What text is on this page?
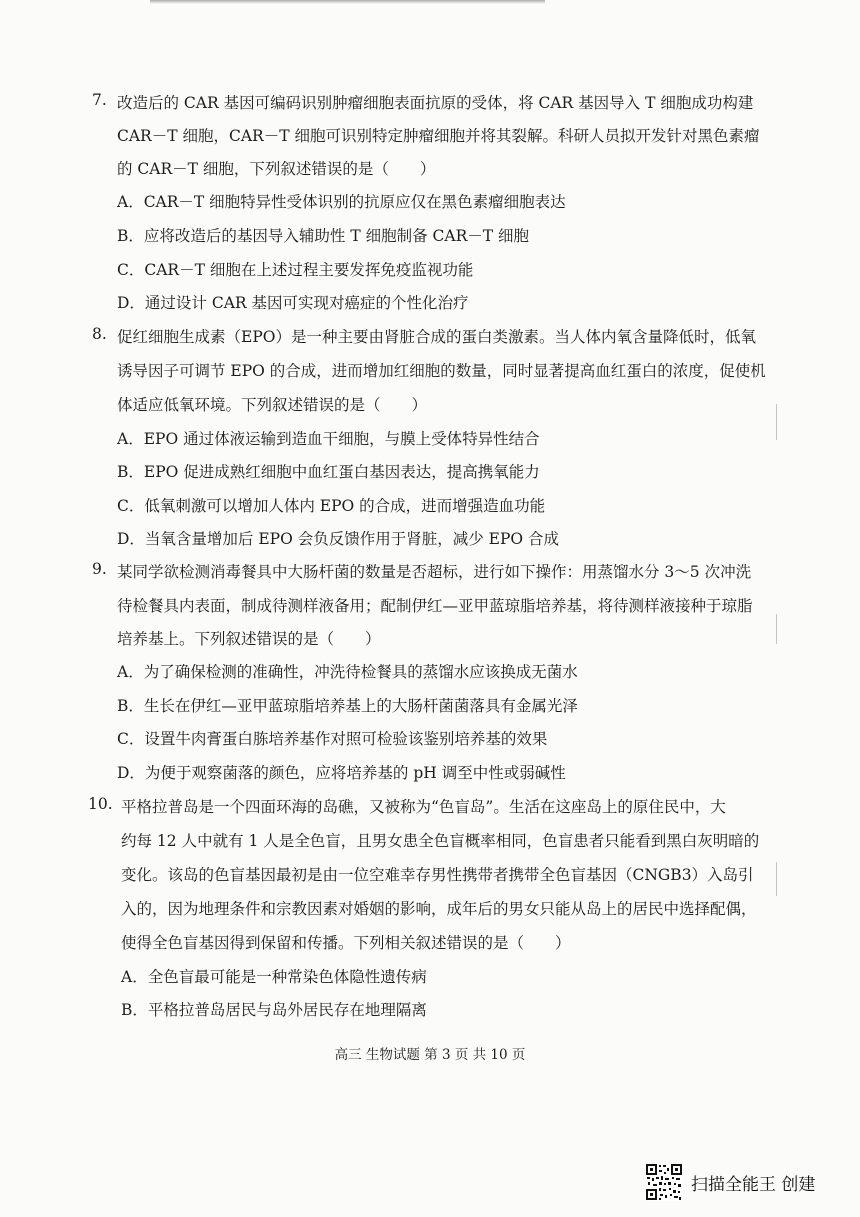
7. 改造后的 CAR 基因可编码识别肿瘤细胞表面抗原的受体，将 CAR 基因导入 T 细胞成功构建
CAR－T 细胞，CAR－T 细胞可识别特定肿瘤细胞并将其裂解。科研人员拟开发针对黑色素瘤
的 CAR－T 细胞，下列叙述错误的是（　　）
A．CAR－T 细胞特异性受体识别的抗原应仅在黑色素瘤细胞表达
B．应将改造后的基因导入辅助性 T 细胞制备 CAR－T 细胞
C．CAR－T 细胞在上述过程主要发挥免疫监视功能
D．通过设计 CAR 基因可实现对癌症的个性化治疗
8. 促红细胞生成素（EPO）是一种主要由肾脏合成的蛋白类激素。当人体内氧含量降低时，低氧
诱导因子可调节 EPO 的合成，进而增加红细胞的数量，同时显著提高血红蛋白的浓度，促使机
体适应低氧环境。下列叙述错误的是（　　）
A．EPO 通过体液运输到造血干细胞，与膜上受体特异性结合
B．EPO 促进成熟红细胞中血红蛋白基因表达，提高携氧能力
C．低氧刺激可以增加人体内 EPO 的合成，进而增强造血功能
D．当氧含量增加后 EPO 会负反馈作用于肾脏，减少 EPO 合成
9. 某同学欲检测消毒餐具中大肠杆菌的数量是否超标，进行如下操作：用蒸馏水分 3～5 次冲洗
待检餐具内表面，制成待测样液备用；配制伊红—亚甲蓝琼脂培养基，将待测样液接种于琼脂
培养基上。下列叙述错误的是（　　）
A．为了确保检测的准确性，冲洗待检餐具的蒸馏水应该换成无菌水
B．生长在伊红—亚甲蓝琼脂培养基上的大肠杆菌菌落具有金属光泽
C．设置牛肉膏蛋白胨培养基作对照可检验该鉴别培养基的效果
D．为便于观察菌落的颜色，应将培养基的 pH 调至中性或弱碱性
10. 平格拉普岛是一个四面环海的岛礁，又被称为“色盲岛”。生活在这座岛上的原住民中，大
约每 12 人中就有 1 人是全色盲，且男女患全色盲概率相同，色盲患者只能看到黑白灰明暗的
变化。该岛的色盲基因最初是由一位空难幸存男性携带者携带全色盲基因（CNGB3）入岛引
入的，因为地理条件和宗教因素对婚姻的影响，成年后的男女只能从岛上的居民中选择配偶，
使得全色盲基因得到保留和传播。下列相关叙述错误的是（　　）
A．全色盲最可能是一种常染色体隐性遗传病
B．平格拉普岛居民与岛外居民存在地理隔离
高三 生物试题 第 3 页 共 10 页
扫描全能王 创建
